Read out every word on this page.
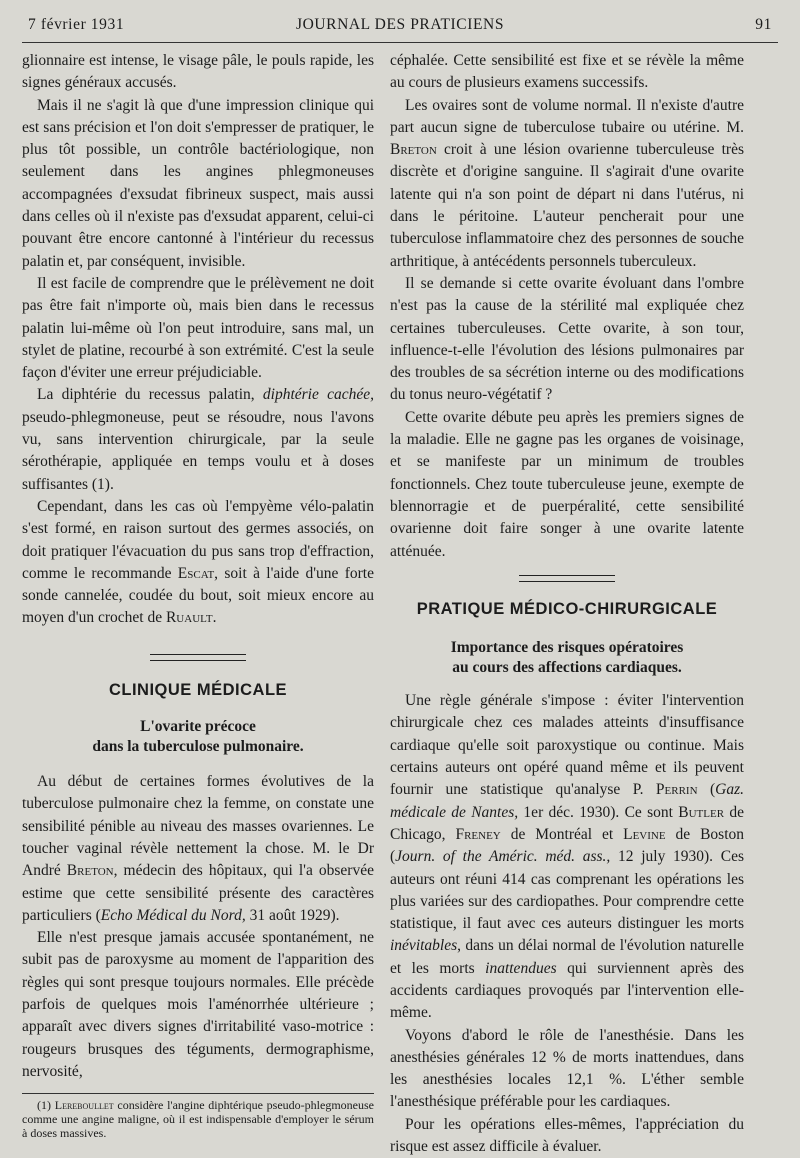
7 février 1931	JOURNAL DES PRATICIENS	91

glionnaire est intense, le visage pâle, le pouls rapide, les signes généraux accusés.

Mais il ne s'agit là que d'une impression clinique qui est sans précision et l'on doit s'empresser de pratiquer, le plus tôt possible, un contrôle bactériologique, non seulement dans les angines phlegmoneuses accompagnées d'exsudat fibrineux suspect, mais aussi dans celles où il n'existe pas d'exsudat apparent, celui-ci pouvant être encore cantonné à l'intérieur du recessus palatin et, par conséquent, invisible.

Il est facile de comprendre que le prélèvement ne doit pas être fait n'importe où, mais bien dans le recessus palatin lui-même où l'on peut introduire, sans mal, un stylet de platine, recourbé à son extrémité. C'est la seule façon d'éviter une erreur préjudiciable.

La diphtérie du recessus palatin, diphtérie cachée, pseudo-phlegmoneuse, peut se résoudre, nous l'avons vu, sans intervention chirurgicale, par la seule sérothérapie, appliquée en temps voulu et à doses suffisantes (1).

Cependant, dans les cas où l'empyème vélo-palatin s'est formé, en raison surtout des germes associés, on doit pratiquer l'évacuation du pus sans trop d'effraction, comme le recommande Escat, soit à l'aide d'une forte sonde cannelée, coudée du bout, soit mieux encore au moyen d'un crochet de Ruault.

CLINIQUE MÉDICALE
L'ovarite précoce
dans la tuberculose pulmonaire.

Au début de certaines formes évolutives de la tuberculose pulmonaire chez la femme, on constate une sensibilité pénible au niveau des masses ovariennes. Le toucher vaginal révèle nettement la chose. M. le Dr André Breton, médecin des hôpitaux, qui l'a observée estime que cette sensibilité présente des caractères particuliers (Echo Médical du Nord, 31 août 1929).

Elle n'est presque jamais accusée spontanément, ne subit pas de paroxysme au moment de l'apparition des règles qui sont presque toujours normales. Elle précède parfois de quelques mois l'aménorrhée ultérieure ; apparaît avec divers signes d'irritabilité vaso-motrice : rougeurs brusques des téguments, dermographisme, nervosité,

(1) Lereboullet considère l'angine diphtérique pseudo-phlegmoneuse comme une angine maligne, où il est indispensable d'employer le sérum à doses massives.

céphalée. Cette sensibilité est fixe et se révèle la même au cours de plusieurs examens successifs.

Les ovaires sont de volume normal. Il n'existe d'autre part aucun signe de tuberculose tubaire ou utérine. M. Breton croit à une lésion ovarienne tuberculeuse très discrète et d'origine sanguine. Il s'agirait d'une ovarite latente qui n'a son point de départ ni dans l'utérus, ni dans le péritoine. L'auteur pencherait pour une tuberculose inflammatoire chez des personnes de souche arthritique, à antécédents personnels tuberculeux.

Il se demande si cette ovarite évoluant dans l'ombre n'est pas la cause de la stérilité mal expliquée chez certaines tuberculeuses. Cette ovarite, à son tour, influence-t-elle l'évolution des lésions pulmonaires par des troubles de sa sécrétion interne ou des modifications du tonus neuro-végétatif ?

Cette ovarite débute peu après les premiers signes de la maladie. Elle ne gagne pas les organes de voisinage, et se manifeste par un minimum de troubles fonctionnels. Chez toute tuberculeuse jeune, exempte de blennorragie et de puerpéralité, cette sensibilité ovarienne doit faire songer à une ovarite latente atténuée.

PRATIQUE MÉDICO-CHIRURGICALE
Importance des risques opératoires
au cours des affections cardiaques.

Une règle générale s'impose : éviter l'intervention chirurgicale chez ces malades atteints d'insuffisance cardiaque qu'elle soit paroxystique ou continue. Mais certains auteurs ont opéré quand même et ils peuvent fournir une statistique qu'analyse P. Perrin (Gaz. médicale de Nantes, 1er déc. 1930). Ce sont Butler de Chicago, Freney de Montréal et Levine de Boston (Journ. of the Améric. méd. ass., 12 july 1930). Ces auteurs ont réuni 414 cas comprenant les opérations les plus variées sur des cardiopathes. Pour comprendre cette statistique, il faut avec ces auteurs distinguer les morts inévitables, dans un délai normal de l'évolution naturelle et les morts inattendues qui surviennent après des accidents cardiaques provoqués par l'intervention elle-même.

Voyons d'abord le rôle de l'anesthésie. Dans les anesthésies générales 12 % de morts inattendues, dans les anesthésies locales 12,1 %. L'éther semble l'anesthésique préférable pour les cardiaques.

Pour les opérations elles-mêmes, l'appréciation du risque est assez difficile à évaluer.
